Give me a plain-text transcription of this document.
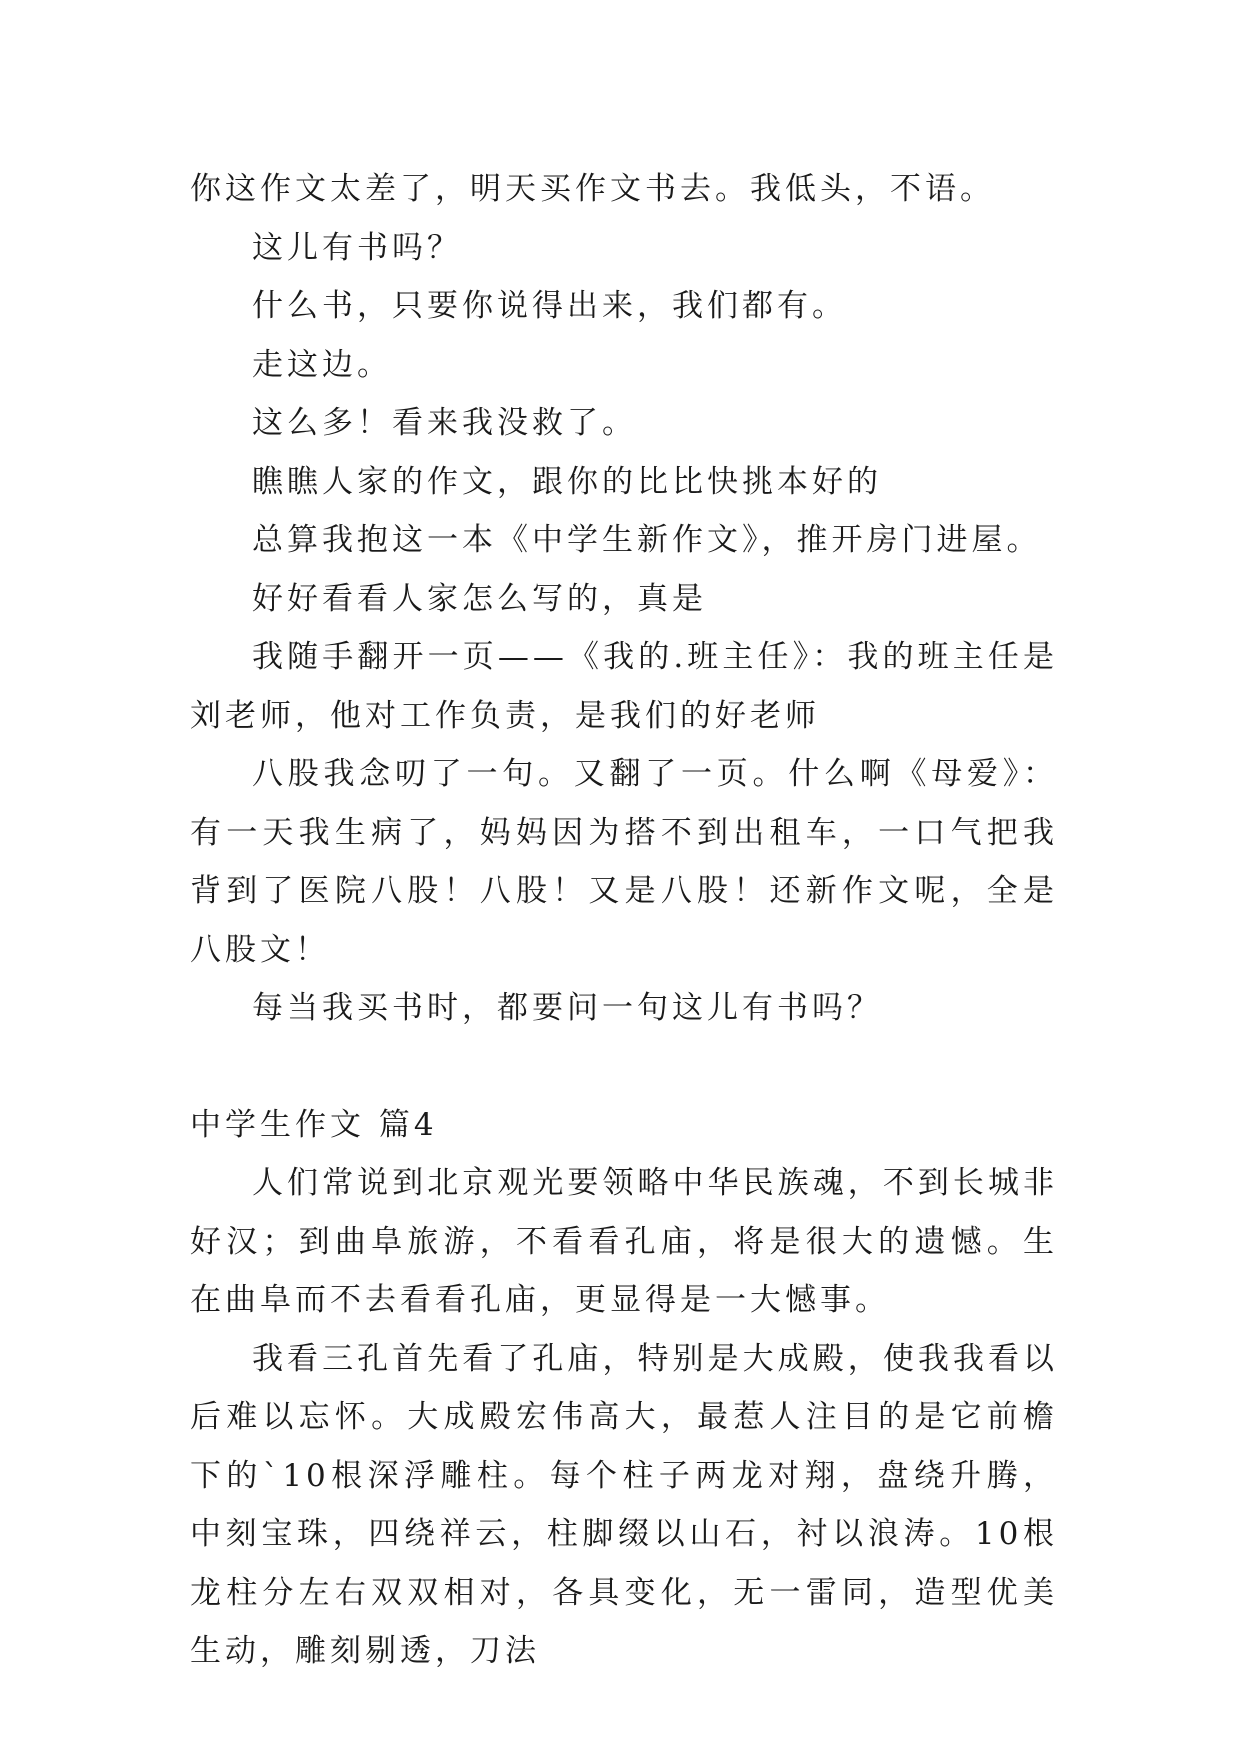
你这作文太差了，明天买作文书去。我低头，不语。

这儿有书吗？

什么书，只要你说得出来，我们都有。

走这边。

这么多！看来我没救了。

瞧瞧人家的作文，跟你的比比快挑本好的

总算我抱这一本《中学生新作文》，推开房门进屋。

好好看看人家怎么写的，真是

我随手翻开一页——《我的.班主任》：我的班主任是刘老师，他对工作负责，是我们的好老师

八股我念叨了一句。又翻了一页。什么啊《母爱》：有一天我生病了，妈妈因为搭不到出租车，一口气把我背到了医院八股！八股！又是八股！还新作文呢，全是八股文！

每当我买书时，都要问一句这儿有书吗？

中学生作文 篇4

人们常说到北京观光要领略中华民族魂，不到长城非好汉；到曲阜旅游，不看看孔庙，将是很大的遗憾。生在曲阜而不去看看孔庙，更显得是一大憾事。

我看三孔首先看了孔庙，特别是大成殿，使我我看以后难以忘怀。大成殿宏伟高大，最惹人注目的是它前檐下的`10根深浮雕柱。每个柱子两龙对翔，盘绕升腾，中刻宝珠，四绕祥云，柱脚缀以山石，衬以浪涛。10根龙柱分左右双双相对，各具变化，无一雷同，造型优美生动，雕刻剔透，刀法
